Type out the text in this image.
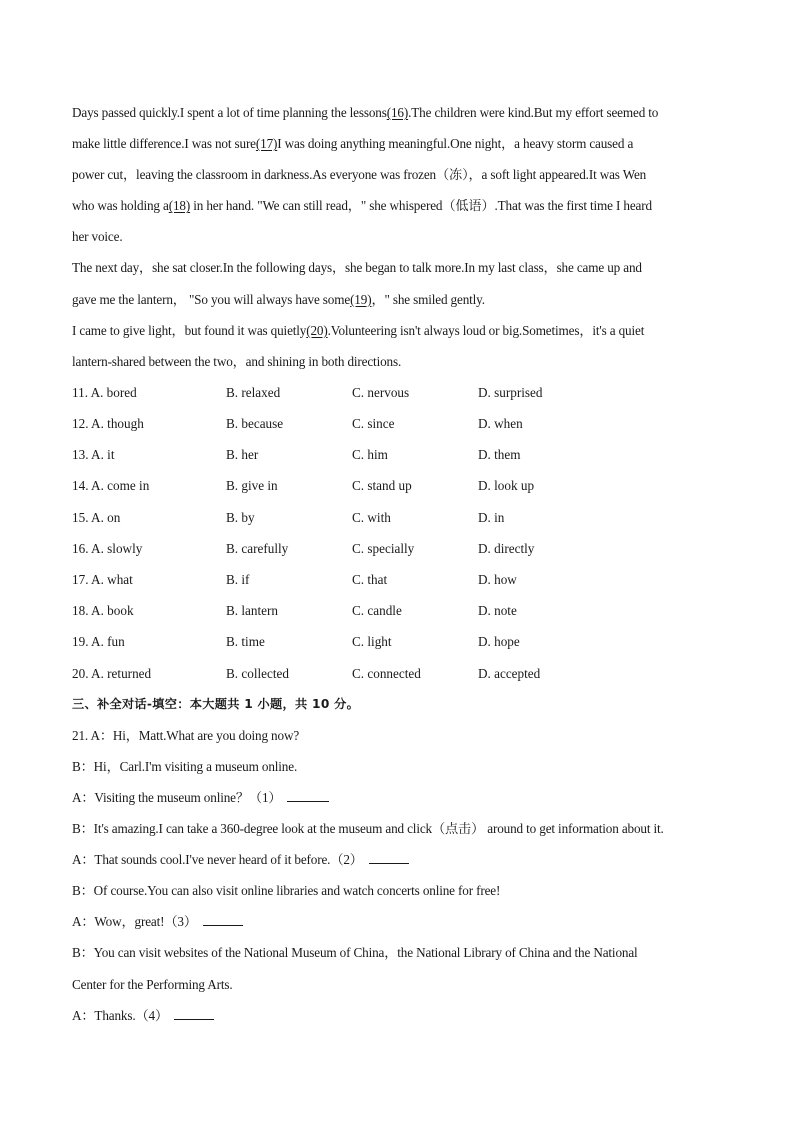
Days passed quickly.I spent a lot of time planning the lessons(16).The children were kind.But my effort seemed to
make little difference.I was not sure(17)I was doing anything meaningful.One night，a heavy storm caused a
power cut，leaving the classroom in darkness.As everyone was frozen（冻），a soft light appeared.It was Wen
who was holding a(18) in her hand. "We can still read，" she whispered（低语）.That was the first time I heard
her voice.
The next day，she sat closer.In the following days，she began to talk more.In my last class，she came up and
gave me the lantern， "So you will always have some(19)，" she smiled gently.
I came to give light，but found it was quietly(20).Volunteering isn't always loud or big.Sometimes，it's a quiet
lantern-shared between the two，and shining in both directions.
11. A. bored	B. relaxed	C. nervous	D. surprised
12. A. though	B. because	C. since	D. when
13. A. it	B. her	C. him	D. them
14. A. come in	B. give in	C. stand up	D. look up
15. A. on	B. by	C. with	D. in
16. A. slowly	B. carefully	C. specially	D. directly
17. A. what	B. if	C. that	D. how
18. A. book	B. lantern	C. candle	D. note
19. A. fun	B. time	C. light	D. hope
20. A. returned	B. collected	C. connected	D. accepted
三、补全对话-填空：本大题共 1 小题，共 10 分。
21. A：Hi，Matt.What are you doing now?
B：Hi，Carl.I'm visiting a museum online.
A：Visiting the museum online？（1）
B：It's amazing.I can take a 360-degree look at the museum and click（点击） around to get information about it.
A：That sounds cool.I've never heard of it before.（2）
B：Of course.You can also visit online libraries and watch concerts online for free!
A：Wow，great!（3）
B：You can visit websites of the National Museum of China，the National Library of China and the National
Center for the Performing Arts.
A：Thanks.（4）
